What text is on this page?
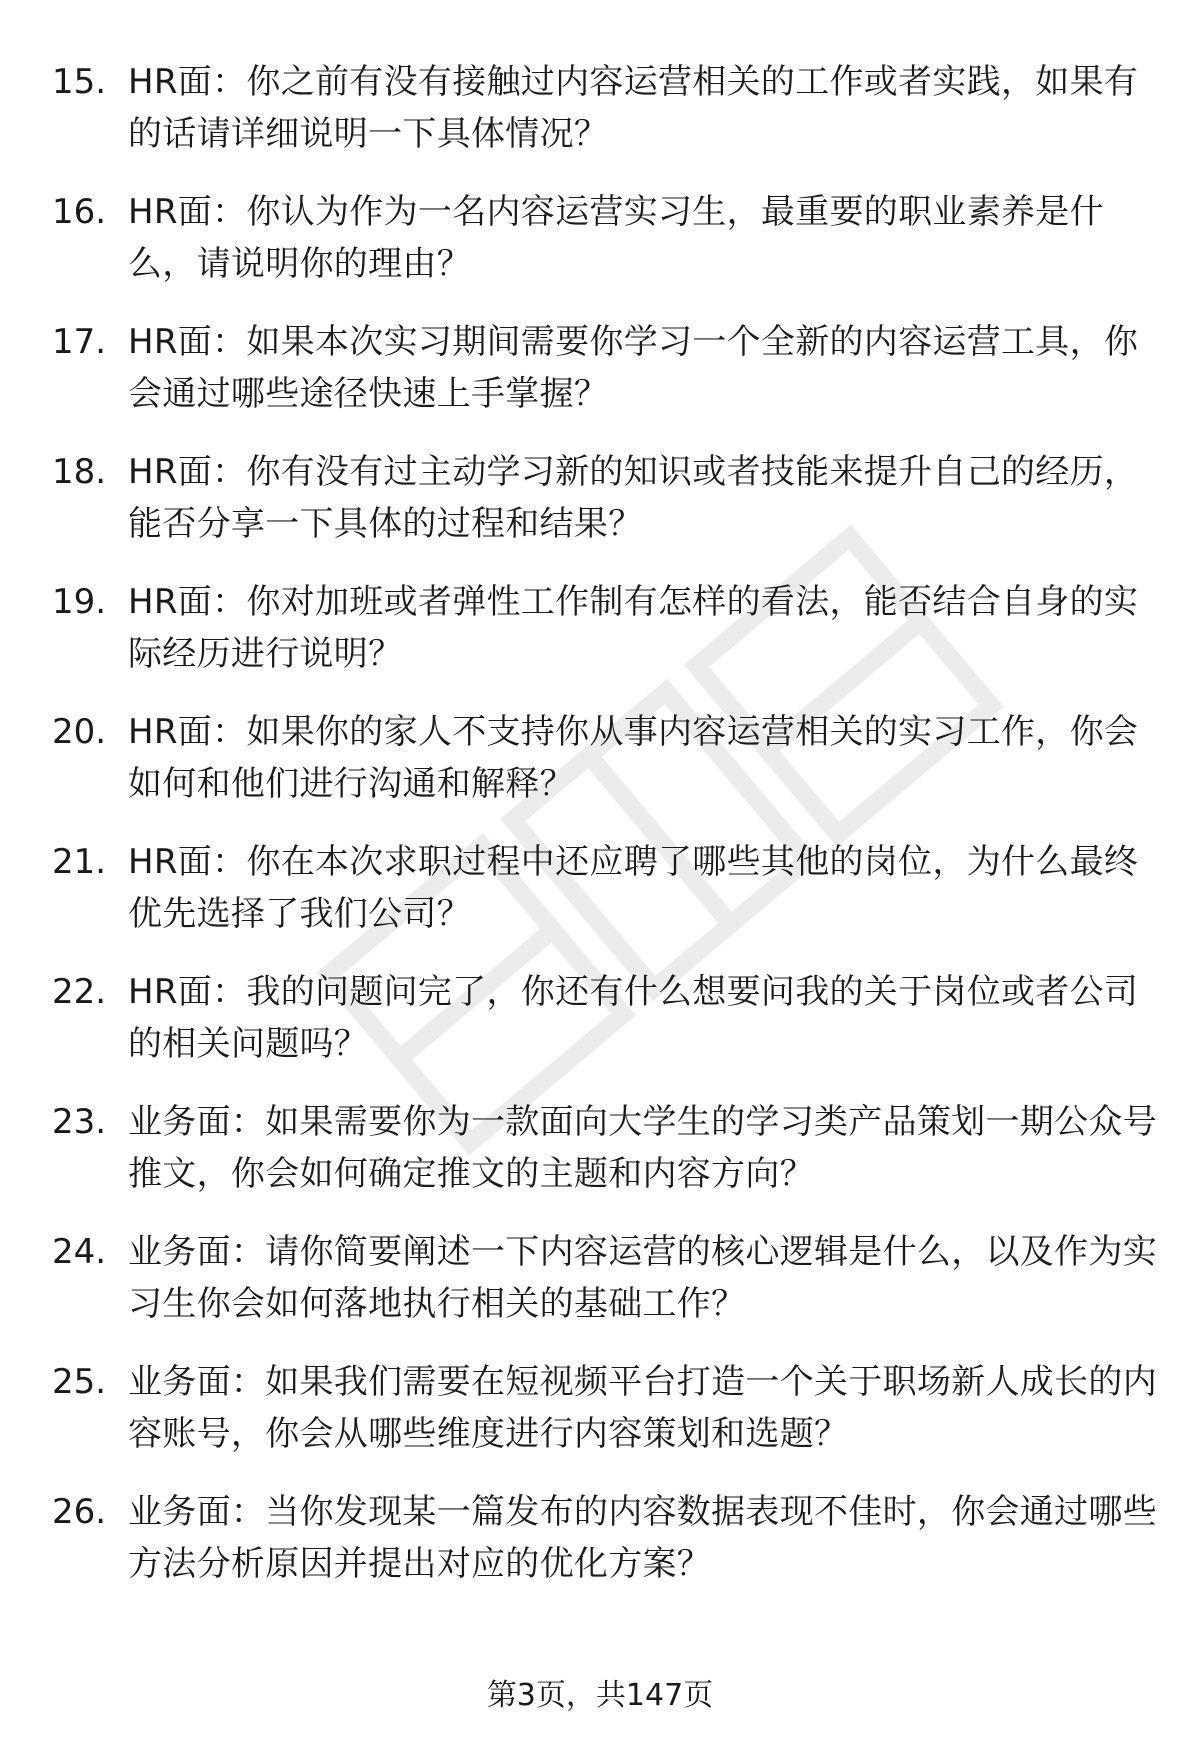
15. HR面：你之前有没有接触过内容运营相关的工作或者实践，如果有的话请详细说明一下具体情况？
16. HR面：你认为作为一名内容运营实习生，最重要的职业素养是什么，请说明你的理由？
17. HR面：如果本次实习期间需要你学习一个全新的内容运营工具，你会通过哪些途径快速上手掌握？
18. HR面：你有没有过主动学习新的知识或者技能来提升自己的经历，能否分享一下具体的过程和结果？
19. HR面：你对加班或者弹性工作制有怎样的看法，能否结合自身的实际经历进行说明？
20. HR面：如果你的家人不支持你从事内容运营相关的实习工作，你会如何和他们进行沟通和解释？
21. HR面：你在本次求职过程中还应聘了哪些其他的岗位，为什么最终优先选择了我们公司？
22. HR面：我的问题问完了，你还有什么想要问我的关于岗位或者公司的相关问题吗？
23. 业务面：如果需要你为一款面向大学生的学习类产品策划一期公众号推文，你会如何确定推文的主题和内容方向？
24. 业务面：请你简要阐述一下内容运营的核心逻辑是什么，以及作为实习生你会如何落地执行相关的基础工作？
25. 业务面：如果我们需要在短视频平台打造一个关于职场新人成长的内容账号，你会从哪些维度进行内容策划和选题？
26. 业务面：当你发现某一篇发布的内容数据表现不佳时，你会通过哪些方法分析原因并提出对应的优化方案？
第3页，共147页
